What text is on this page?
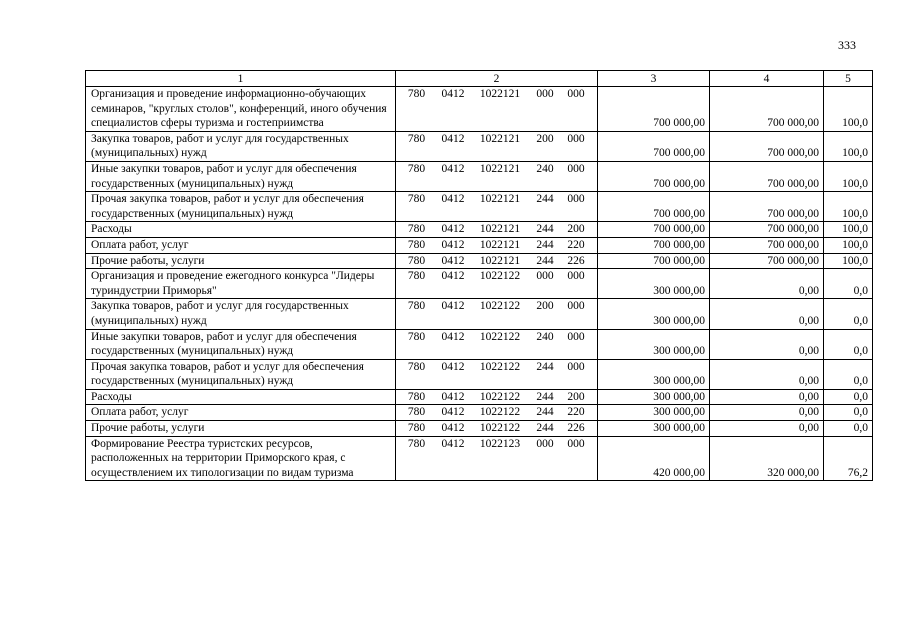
333
1	2	3	4	5
Организация и проведение информационно-обучающих семинаров, "круглых столов", конференций, иного обучения специалистов сферы туризма и гостеприимства	780 0412 1022121 000 000	700 000,00	700 000,00	100,0
Закупка товаров, работ и услуг для государственных (муниципальных) нужд	780 0412 1022121 200 000	700 000,00	700 000,00	100,0
Иные закупки товаров, работ и услуг для обеспечения государственных (муниципальных) нужд	780 0412 1022121 240 000	700 000,00	700 000,00	100,0
Прочая закупка товаров, работ и услуг для обеспечения государственных (муниципальных) нужд	780 0412 1022121 244 000	700 000,00	700 000,00	100,0
Расходы	780 0412 1022121 244 200	700 000,00	700 000,00	100,0
Оплата работ, услуг	780 0412 1022121 244 220	700 000,00	700 000,00	100,0
Прочие работы, услуги	780 0412 1022121 244 226	700 000,00	700 000,00	100,0
Организация и проведение ежегодного конкурса "Лидеры туриндустрии Приморья"	780 0412 1022122 000 000	300 000,00	0,00	0,0
Закупка товаров, работ и услуг для государственных (муниципальных) нужд	780 0412 1022122 200 000	300 000,00	0,00	0,0
Иные закупки товаров, работ и услуг для обеспечения государственных (муниципальных) нужд	780 0412 1022122 240 000	300 000,00	0,00	0,0
Прочая закупка товаров, работ и услуг для обеспечения государственных (муниципальных) нужд	780 0412 1022122 244 000	300 000,00	0,00	0,0
Расходы	780 0412 1022122 244 200	300 000,00	0,00	0,0
Оплата работ, услуг	780 0412 1022122 244 220	300 000,00	0,00	0,0
Прочие работы, услуги	780 0412 1022122 244 226	300 000,00	0,00	0,0
Формирование Реестра туристских ресурсов, расположенных на территории Приморского края, с осуществлением их типологизации по видам туризма	780 0412 1022123 000 000	420 000,00	320 000,00	76,2
